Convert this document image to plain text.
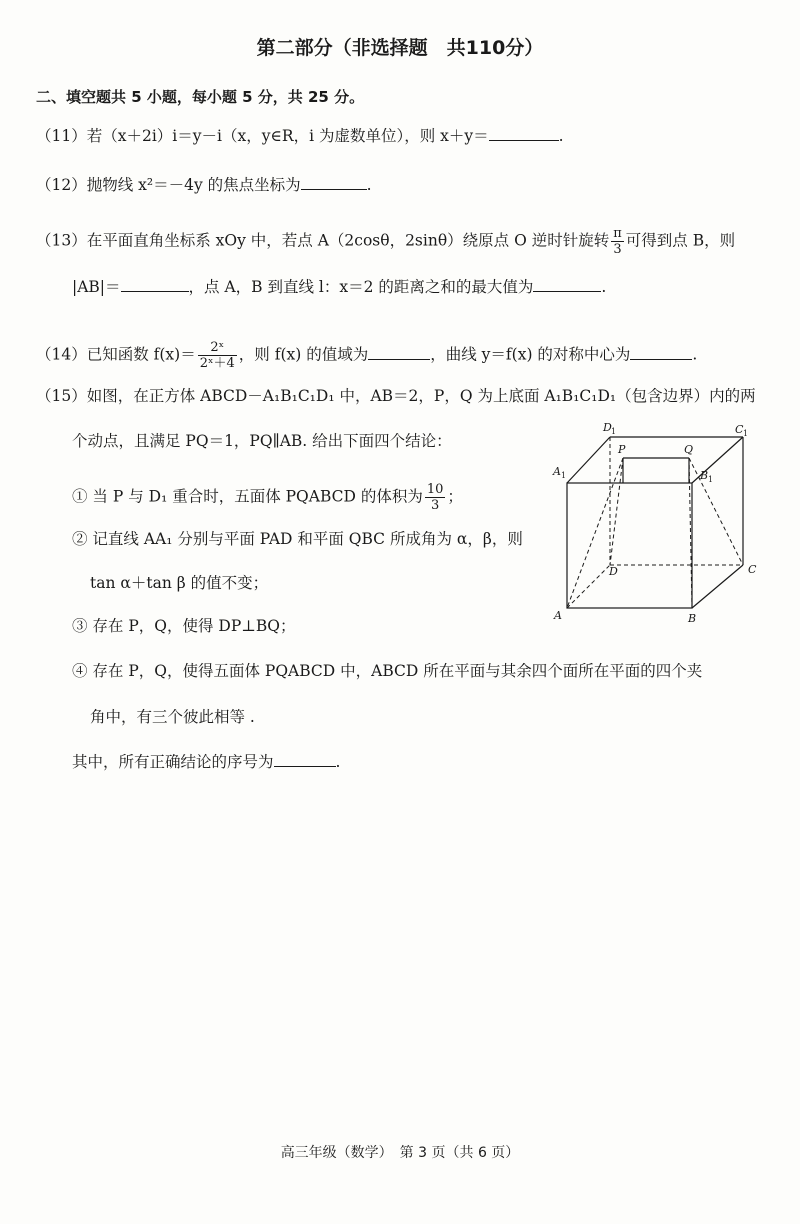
第二部分（非选择题　共110分）
二、填空题共 5 小题，每小题 5 分，共 25 分。
（11）若（x＋2i）i＝y－i（x，y∈R，i 为虚数单位），则 x＋y＝	.
（12）抛物线 x²＝－4y 的焦点坐标为	.
（13）在平面直角坐标系 xOy 中，若点 A（2cosθ，2sinθ）绕原点 O 逆时针旋转 $\frac{\pi}{3}$ 可得到点 B，则
|AB|＝	，点 A，B 到直线 l：x＝2 的距离之和的最大值为	.
（14）已知函数 $f(x)= \frac{\text{2ˣ}}{\text{2ˣ＋4}}$ ，则 f(x) 的值域为	，曲线 y＝f(x) 的对称中心为	.
（15）如图，在正方体 ABCD－A₁B₁C₁D₁ 中，AB＝2，P，Q 为上底面 A₁B₁C₁D₁（包含边界）内的两
个动点，且满足 PQ＝1，PQ∥AB. 给出下面四个结论：
① 当 P 与 D₁ 重合时，五面体 PQABCD 的体积为 $\frac{10}{3}$ ；
② 记直线 AA₁ 分别与平面 PAD 和平面 QBC 所成角为 α，β，则
tan α＋tan β 的值不变；
③ 存在 P，Q，使得 DP⊥BQ；
④ 存在 P，Q，使得五面体 PQABCD 中，ABCD 所在平面与其余四个面所在平面的四个夹
角中，有三个彼此相等 .
其中，所有正确结论的序号为	.
D 1	C 1
P	Q
A 1	B 1
D	C
A	B
高三年级（数学）　第 3 页（共 6 页）
